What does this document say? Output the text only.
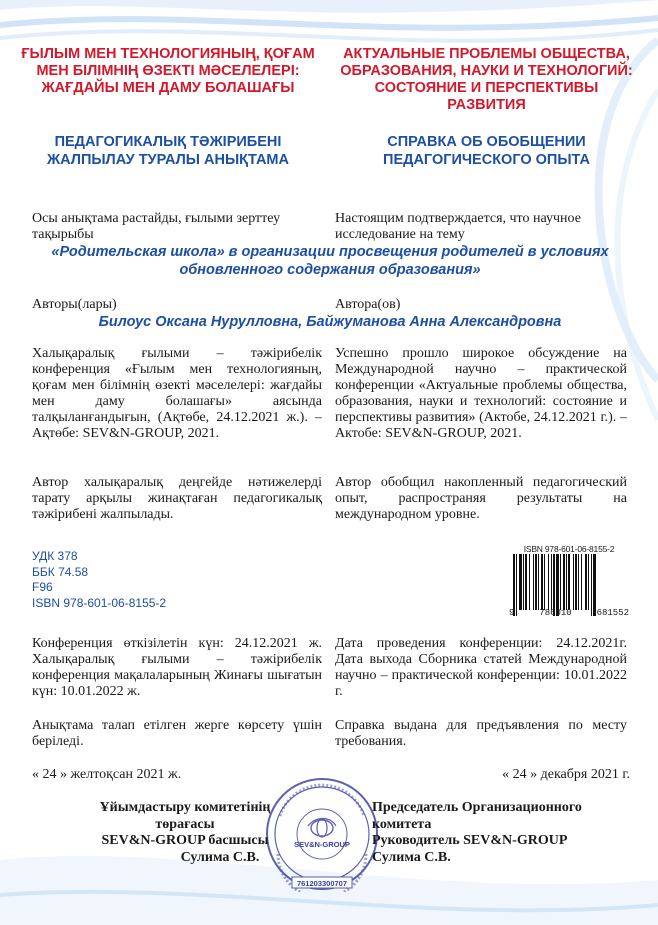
ҒЫЛЫМ МЕН ТЕХНОЛОГИЯНЫҢ, ҚОҒАМ МЕН БІЛІМНІҢ ӨЗЕКТІ МӘСЕЛЕЛЕРІ: ЖАҒДАЙЫ МЕН ДАМУ БОЛАШАҒЫ
АКТУАЛЬНЫЕ ПРОБЛЕМЫ ОБЩЕСТВА, ОБРАЗОВАНИЯ, НАУКИ И ТЕХНОЛОГИЙ: СОСТОЯНИЕ И ПЕРСПЕКТИВЫ РАЗВИТИЯ
ПЕДАГОГИКАЛЫҚ ТӘЖІРИБЕНІ ЖАЛПЫЛАУ ТУРАЛЫ АНЫҚТАМА
СПРАВКА ОБ ОБОБЩЕНИИ ПЕДАГОГИЧЕСКОГО ОПЫТА
Осы анықтама растайды, ғылыми зерттеу тақырыбы
Настоящим подтверждается, что научное исследование на тему
«Родительская школа» в организации просвещения родителей в условиях обновленного содержания образования»
Авторы(лары)	Автора(ов)
Билоус Оксана Нурулловна, Байжуманова Анна Александровна
Халықаралық ғылыми – тәжірибелік конференция «Ғылым мен технологияның, қоғам мен білімнің өзекті мәселелері: жағдайы мен даму болашағы» аясында талқыланғандығын, (Ақтөбе, 24.12.2021 ж.). – Ақтөбе: SEV&N-GROUP, 2021.
Успешно прошло широкое обсуждение на Международной научно – практической конференции «Актуальные проблемы общества, образования, науки и технологий: состояние и перспективы развития» (Актобе, 24.12.2021 г.). – Актобе: SEV&N-GROUP, 2021.
Автор халықаралық деңгейде нәтижелерді тарату арқылы жинақтаған педагогикалық тәжірибені жалпылады.
Автор обобщил накопленный педагогический опыт, распространяя результаты на международном уровне.
УДК 378
ББК 74.58
F96
ISBN 978-601-06-8155-2
ISBN 978-601-06-8155-2
9	786010	681552
Конференция өткізілетін күн: 24.12.2021 ж. Халықаралық ғылыми – тәжірибелік конференция мақалаларының Жинағы шығатын күн: 10.01.2022 ж.
Дата проведения конференции: 24.12.2021г. Дата выхода Сборника статей Международной научно – практической конференции: 10.01.2022 г.
Анықтама талап етілген жерге көрсету үшін беріледі.
Справка выдана для предъявления по месту требования.
« 24 » желтоқсан 2021 ж.	« 24 » декабря 2021 г.
SEV&N-GROUP
761203300707
Ұйымдастыру комитетінің
төрағасы
SEV&N-GROUP басшысы
Сулима С.В.
Председатель Организационного
комитета
Руководитель SEV&N-GROUP
Сулима С.В.
